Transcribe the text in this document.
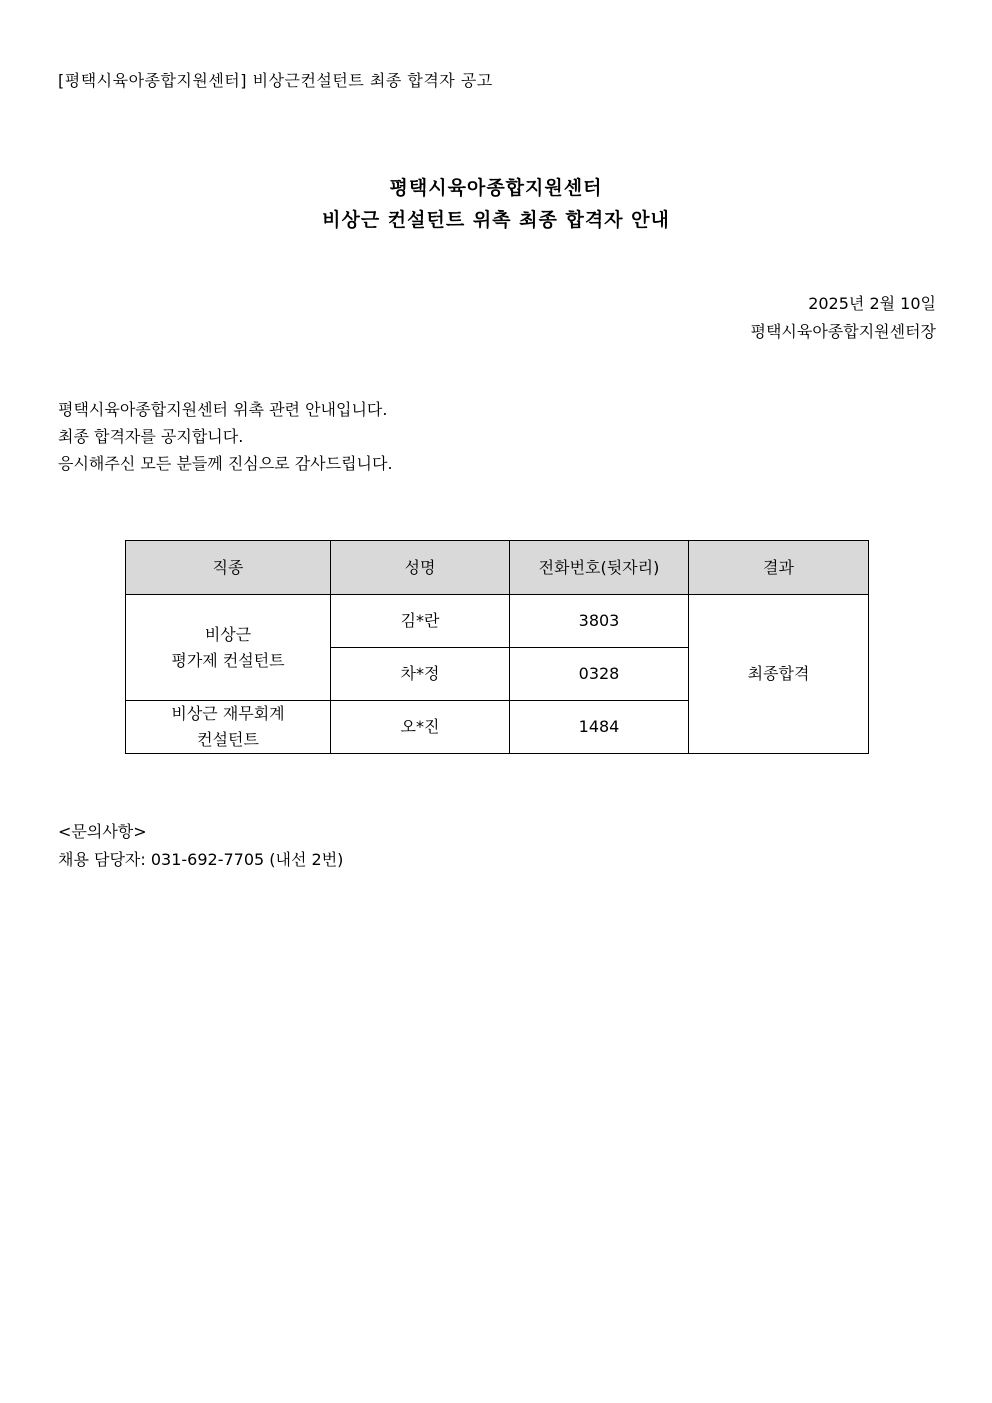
[평택시육아종합지원센터] 비상근컨설턴트 최종 합격자 공고
평택시육아종합지원센터
비상근 컨설턴트 위촉 최종 합격자 안내
2025년 2월 10일
평택시육아종합지원센터장
평택시육아종합지원센터 위촉 관련 안내입니다.
최종 합격자를 공지합니다.
응시해주신 모든 분들께 진심으로 감사드립니다.
직종	성명	전화번호(뒷자리)	결과

비상근
평가제 컨설턴트	김*란	3803	최종합격
	차*정	0328	

비상근 재무회계
컨설턴트	오*진	1484	
<문의사항>
채용 담당자: 031-692-7705 (내선 2번)
